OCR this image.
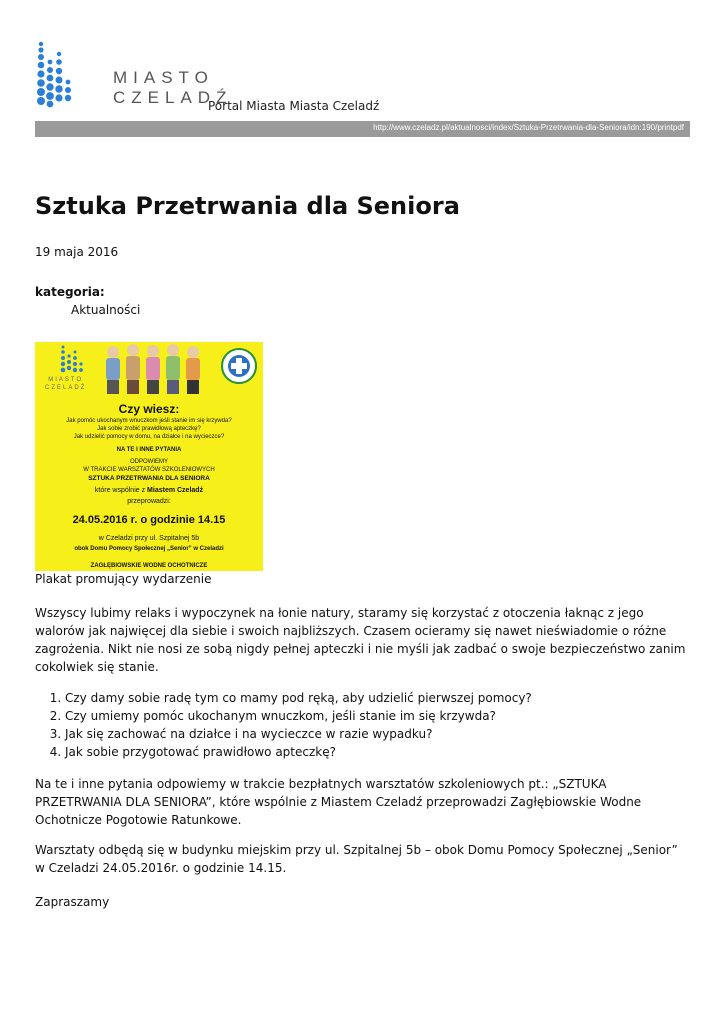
MIASTO
CZELADŹ
Portal Miasta Miasta Czeladź
http://www.czeladz.pl/aktualnosci/index/Sztuka-Przetrwania-dla-Seniora/idn:190/printpdf
Sztuka Przetrwania dla Seniora
19 maja 2016
kategoria:
Aktualności
MIASTO
CZELADŹ
Czy wiesz:
Jak pomóc ukochanym wnuczkom jeśli stanie im się krzywda?
Jak sobie zrobić prawidłową apteczkę?
Jak udzielić pomocy w domu, na działce i na wycieczce?
NA TE I INNE PYTANIA
ODPOWIEMY
W TRAKCIE WARSZTATÓW SZKOLENIOWYCH
SZTUKA PRZETRWANIA DLA SENIORA
które wspólnie z Miastem Czeladź
przeprowadzi:
24.05.2016 r. o godzinie 14.15
w Czeladzi przy ul. Szpitalnej 5b
obok Domu Pomocy Społecznej „Senior” w Czeladzi
ZAGŁĘBIOWSKIE WODNE OCHOTNICZE
Plakat promujący wydarzenie
Wszyscy lubimy relaks i wypoczynek na łonie natury, staramy się korzystać z otoczenia łaknąc z jego walorów jak najwięcej dla siebie i swoich najbliższych. Czasem ocieramy się nawet nieświadomie o różne zagrożenia. Nikt nie nosi ze sobą nigdy pełnej apteczki i nie myśli jak zadbać o swoje bezpieczeństwo zanim cokolwiek się stanie.
1. Czy damy sobie radę tym co mamy pod ręką, aby udzielić pierwszej pomocy?
2. Czy umiemy pomóc ukochanym wnuczkom, jeśli stanie im się krzywda?
3. Jak się zachować na działce i na wycieczce w razie wypadku?
4. Jak sobie przygotować prawidłowo apteczkę?
Na te i inne pytania odpowiemy w trakcie bezpłatnych warsztatów szkoleniowych pt.: „SZTUKA PRZETRWANIA DLA SENIORA”, które wspólnie z Miastem Czeladź przeprowadzi Zagłębiowskie Wodne Ochotnicze Pogotowie Ratunkowe.
Warsztaty odbędą się w budynku miejskim przy ul. Szpitalnej 5b – obok Domu Pomocy Społecznej „Senior” w Czeladzi 24.05.2016r. o godzinie 14.15.
Zapraszamy
